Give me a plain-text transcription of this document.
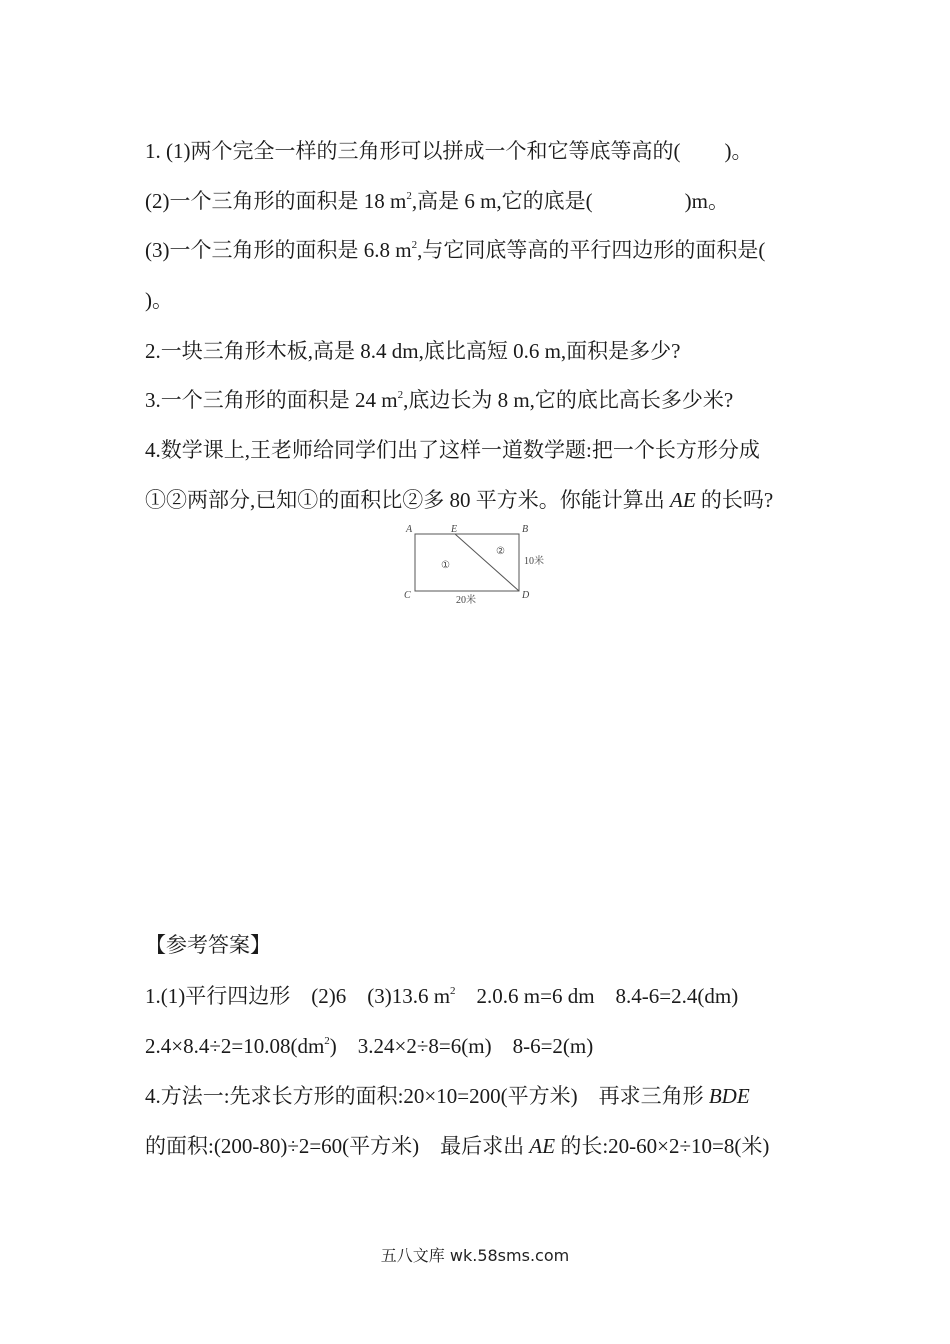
1. (1)两个完全一样的三角形可以拼成一个和它等底等高的( )。
(2)一个三角形的面积是 18 $m^2$,高是 6 m,它的底是(	)m。
(3)一个三角形的面积是 6.8 $m^2$,与它同底等高的平行四边形的面积是(
)。
2.一块三角形木板,高是 8.4 dm,底比高短 0.6 m,面积是多少?
3.一个三角形的面积是 24 $m^2$,底边长为 8 m,它的底比高长多少米?
4.数学课上,王老师给同学们出了这样一道数学题:把一个长方形分成
①②两部分,已知①的面积比②多 80 平方米。你能计算出 AE 的长吗?
A	E	B
C	D
①
②
10米
20米
【参考答案】
1.(1)平行四边形　(2)6　(3)13.6 $m^2$　2.0.6 m=6 dm　8.4-6=2.4(dm)
$2.4\times 8.4\div 2=10.08(dm^2)$　3.24×2÷8=6(m)　8-6=2(m)
4.方法一:先求长方形的面积:20×10=200(平方米)　再求三角形 BDE
的面积:(200-80)÷2=60(平方米)　最后求出 AE 的长:20-60×2÷10=8(米)
五八文库 wk.58sms.com
